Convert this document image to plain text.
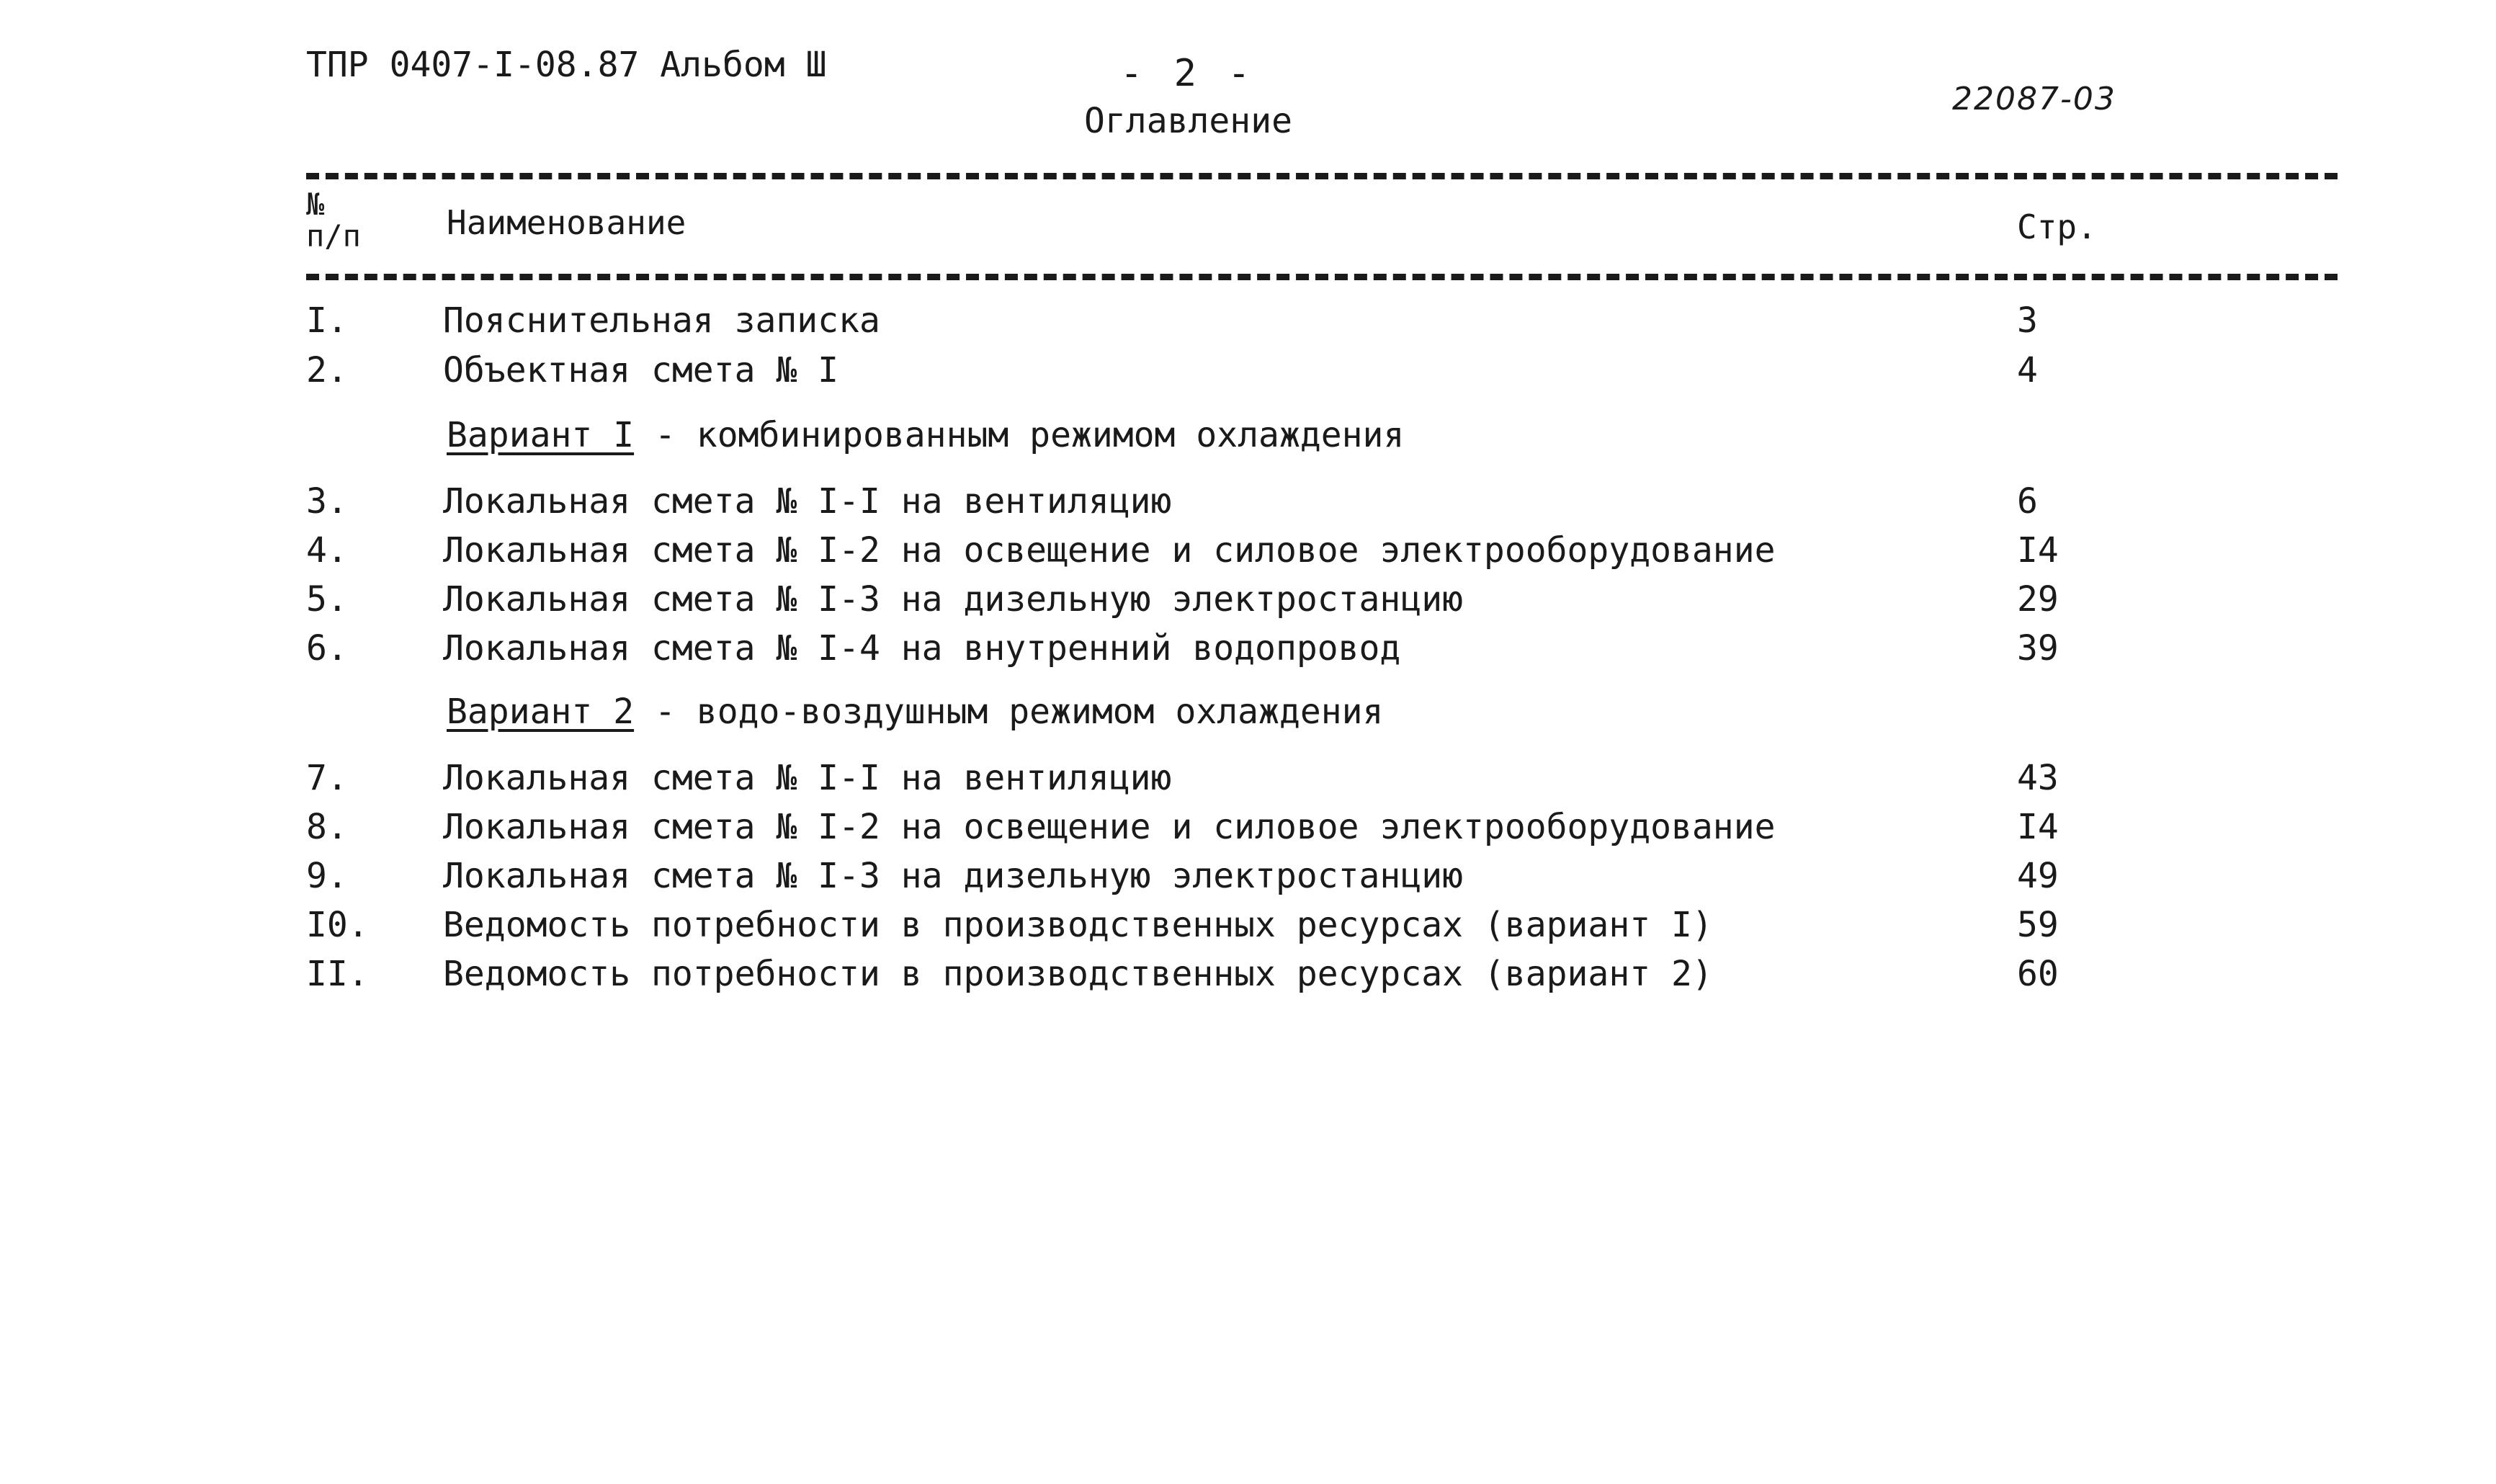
ТПР 0407-I-08.87 Альбом Ш	- 2 -
Оглавление
22087-03
№
п/п	Наименование	Стр.
I.	Пояснительная записка	3
2.	Объектная смета № I	4
Вариант I - комбинированным режимом охлаждения
3.	Локальная смета № I-I на вентиляцию	6
4.	Локальная смета № I-2 на освещение и силовое электрооборудование	I4
5.	Локальная смета № I-3 на дизельную электростанцию	29
6.	Локальная смета № I-4 на внутренний водопровод	39
Вариант 2 - водо-воздушным режимом охлаждения
7.	Локальная смета № I-I на вентиляцию	43
8.	Локальная смета № I-2 на освещение и силовое электрооборудование	I4
9.	Локальная смета № I-3 на дизельную электростанцию	49
I0. Ведомость потребности в производственных ресурсах (вариант I)	59
II. Ведомость потребности в производственных ресурсах (вариант 2)	60
